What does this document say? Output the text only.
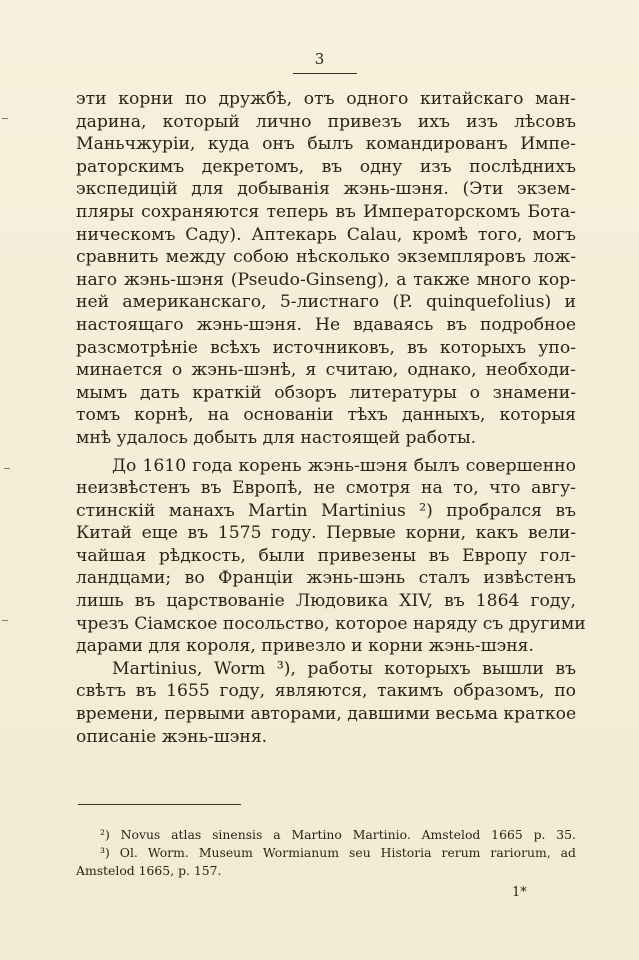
3
эти корни по дружбѣ, отъ одного китайскаго ман-
дарина, который лично привезъ ихъ изъ лѣсовъ
Маньчжуріи, куда онъ былъ командированъ Импе-
раторскимъ декретомъ, въ одну изъ послѣднихъ
экспедицій для добыванія жэнь-шэня. (Эти экзем-
пляры сохраняются теперь въ Императорскомъ Бота-
ническомъ Саду). Аптекарь Calau, кромѣ того, могъ
сравнить между собою нѣсколько экземпляровъ лож-
наго жэнь-шэня (Pseudo-Ginseng), а также много кор-
ней американскаго, 5-листнаго (P. quinquefolius) и
настоящаго жэнь-шэня. Не вдаваясь въ подробное
разсмотрѣніе всѣхъ источниковъ, въ которыхъ упо-
минается о жэнь-шэнѣ, я считаю, однако, необходи-
мымъ дать краткій обзоръ литературы о знамени-
томъ корнѣ, на основаніи тѣхъ данныхъ, которыя
мнѣ удалось добыть для настоящей работы.
До 1610 года корень жэнь-шэня былъ совершенно
неизвѣстенъ въ Европѣ, не смотря на то, что авгу-
стинскій манахъ Martin Martinius ²) пробрался въ
Китай еще въ 1575 году. Первые корни, какъ вели-
чайшая рѣдкость, были привезены въ Европу гол-
ландцами; во Франціи жэнь-шэнь сталъ извѣстенъ
лишь въ царствованіе Людовика XIV, въ 1864 году,
чрезъ Сіамское посольство, которое наряду съ другими
дарами для короля, привезло и корни жэнь-шэня.
Martinius, Worm ³), работы которыхъ вышли въ
свѣтъ въ 1655 году, являются, такимъ образомъ, по
времени, первыми авторами, давшими весьма краткое
описаніе жэнь-шэня.
²) Novus atlas sinensis a Martino Martinio. Amstelod 1665 p. 35.
³) Ol. Worm. Museum Wormianum seu Historia rerum rariorum, ad
Amstelod 1665, p. 157.
1*
